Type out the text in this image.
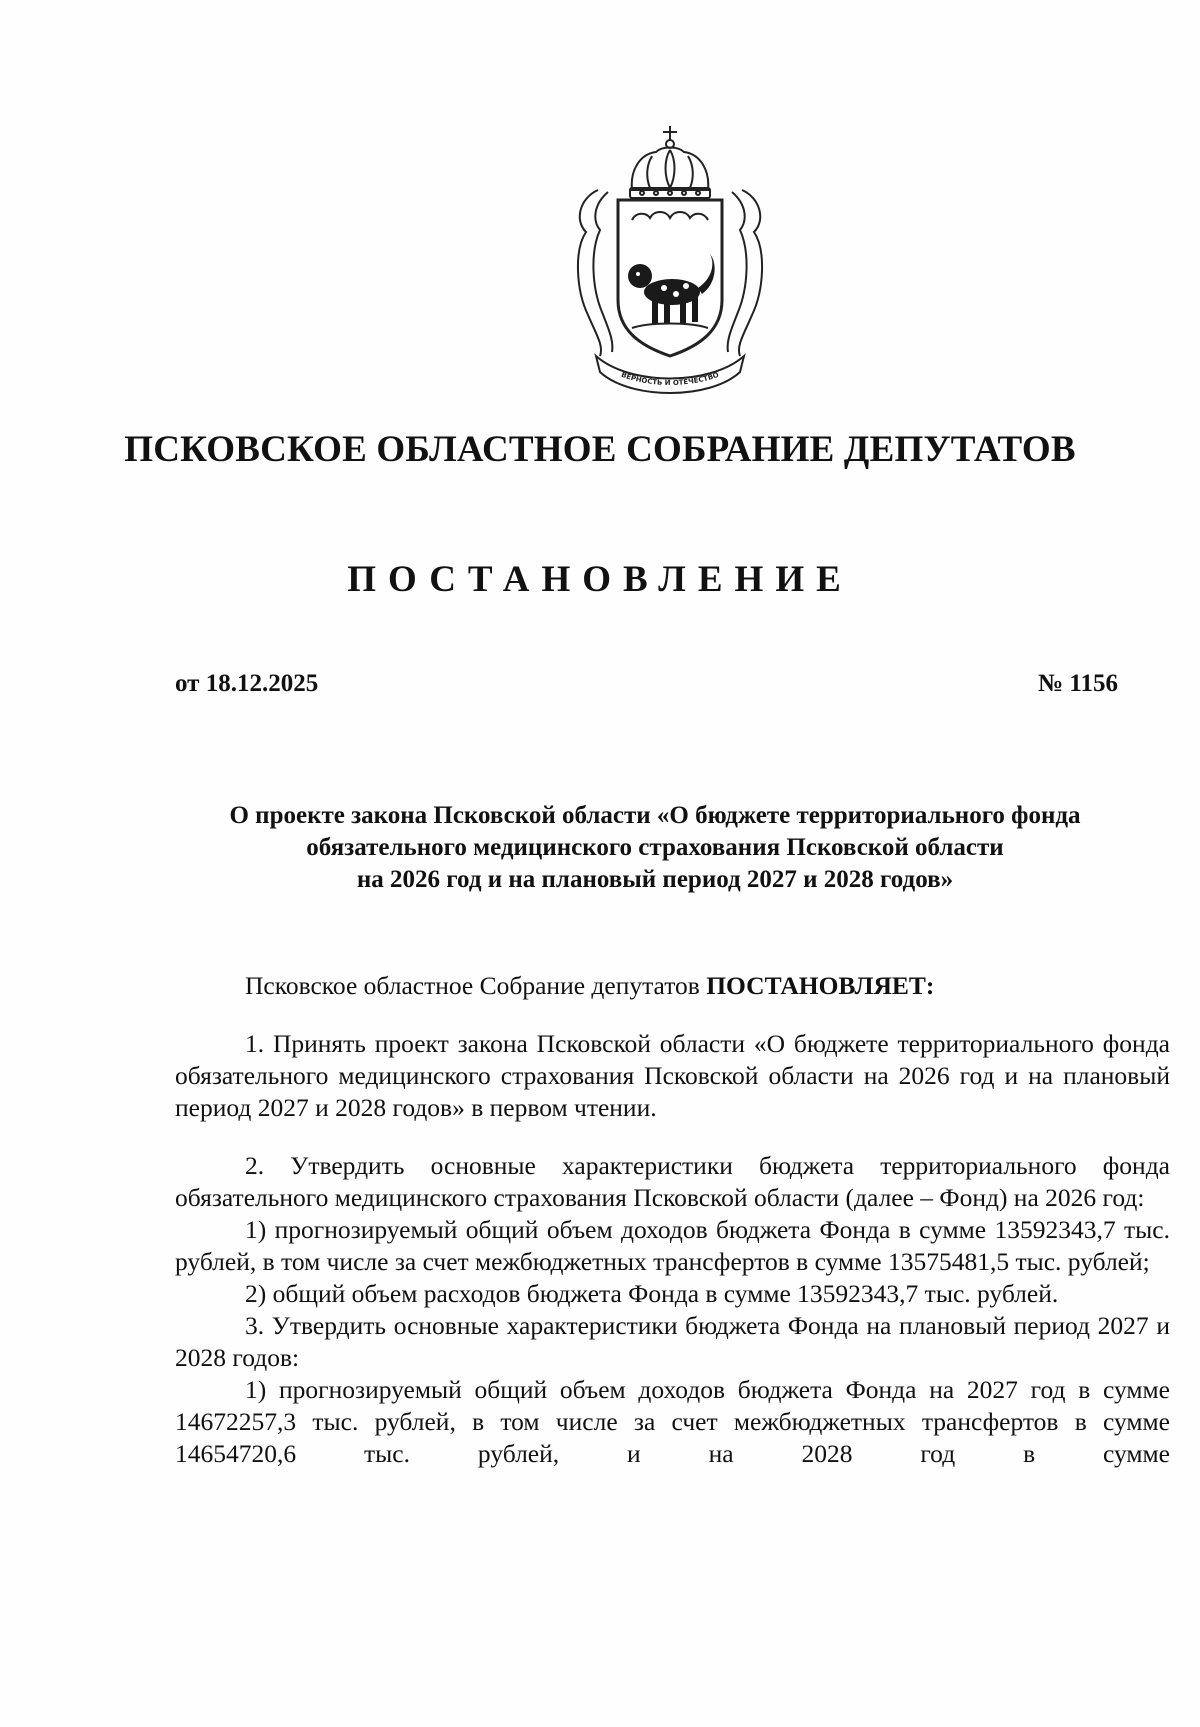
ВЕРНОСТЬ И ОТЕЧЕСТВО
ПСКОВСКОЕ ОБЛАСТНОЕ СОБРАНИЕ ДЕПУТАТОВ
ПОСТАНОВЛЕНИЕ
от 18.12.2025	№ 1156
О проекте закона Псковской области «О бюджете территориального фонда
обязательного медицинского страхования Псковской области
на 2026 год и на плановый период 2027 и 2028 годов»

Псковское областное Собрание депутатов ПОСТАНОВЛЯЕТ:

1. Принять проект закона Псковской области «О бюджете территориального фонда обязательного медицинского страхования Псковской области на 2026 год и на плановый период 2027 и 2028 годов» в первом чтении.

2. Утвердить основные характеристики бюджета территориального фонда обязательного медицинского страхования Псковской области (далее – Фонд) на 2026 год:

1) прогнозируемый общий объем доходов бюджета Фонда в сумме 13592343,7 тыс. рублей, в том числе за счет межбюджетных трансфертов в сумме 13575481,5 тыс. рублей;

2) общий объем расходов бюджета Фонда в сумме 13592343,7 тыс. рублей.

3. Утвердить основные характеристики бюджета Фонда на плановый период 2027 и 2028 годов:

1) прогнозируемый общий объем доходов бюджета Фонда на 2027 год в сумме 14672257,3 тыс. рублей, в том числе за счет межбюджетных трансфертов в сумме 14654720,6 тыс. рублей, и на 2028 год в сумме
